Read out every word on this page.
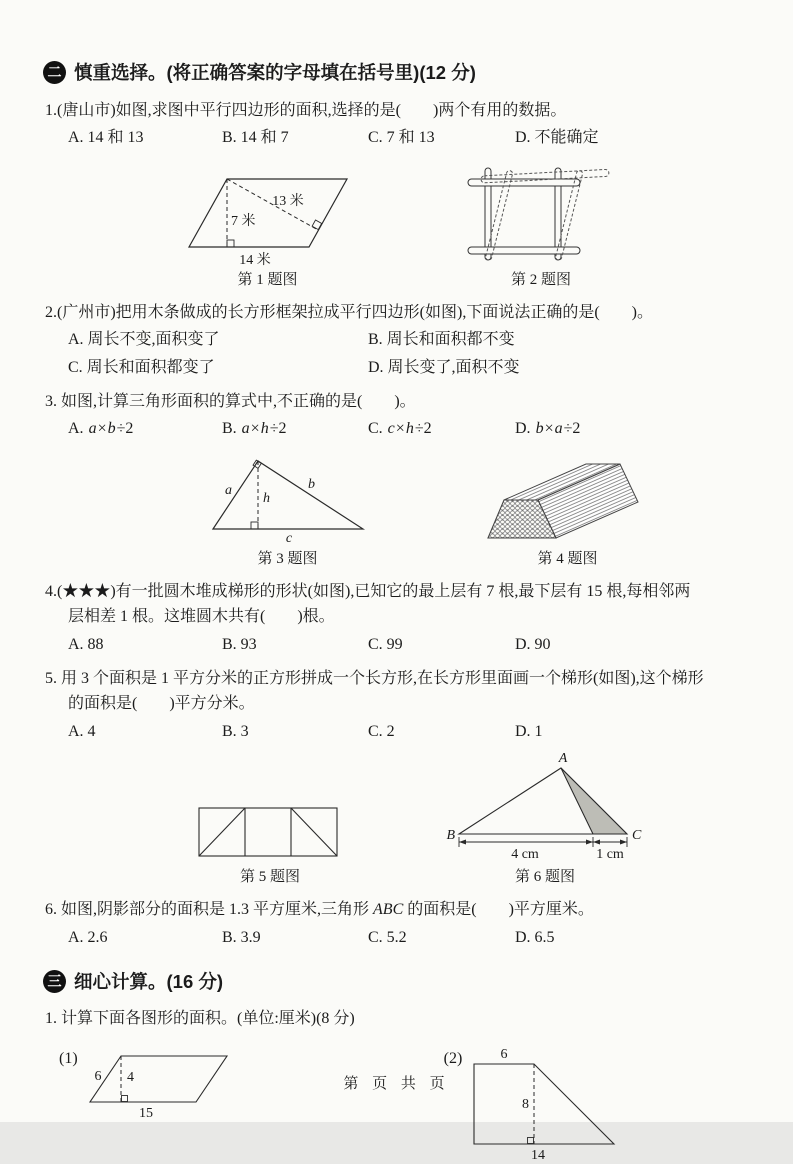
二 慎重选择。(将正确答案的字母填在括号里)(12 分)
1.(唐山市)如图,求图中平行四边形的面积,选择的是(　　)两个有用的数据。
A. 14 和 13	B. 14 和 7	C. 7 和 13	D. 不能确定
7 米
13 米
14 米
第 1 题图	第 2 题图
2.(广州市)把用木条做成的长方形框架拉成平行四边形(如图),下面说法正确的是(　　)。
A. 周长不变,面积变了	B. 周长和面积都不变
C. 周长和面积都变了	D. 周长变了,面积不变
3. 如图,计算三角形面积的算式中,不正确的是(　　)。
A. a×b÷2	B. a×h÷2	C. c×h÷2	D. b×a÷2
a
h
b
c
第 3 题图	第 4 题图
4.(★★★)有一批圆木堆成梯形的形状(如图),已知它的最上层有 7 根,最下层有 15 根,每相邻两
层相差 1 根。这堆圆木共有(　　)根。
A. 88	B. 93	C. 99	D. 90
5. 用 3 个面积是 1 平方分米的正方形拼成一个长方形,在长方形里面画一个梯形(如图),这个梯形
的面积是(　　)平方分米。
A. 4	B. 3	C. 2	D. 1
第 5 题图
A
B	C
4 cm	1 cm
第 6 题图
6. 如图,阴影部分的面积是 1.3 平方厘米,三角形 ABC 的面积是(　　)平方厘米。
A. 2.6	B. 3.9	C. 5.2	D. 6.5
三 细心计算。(16 分)
1. 计算下面各图形的面积。(单位:厘米)(8 分)
(1)
6 4
15
(2)	6
8
14
第 页 共 页
